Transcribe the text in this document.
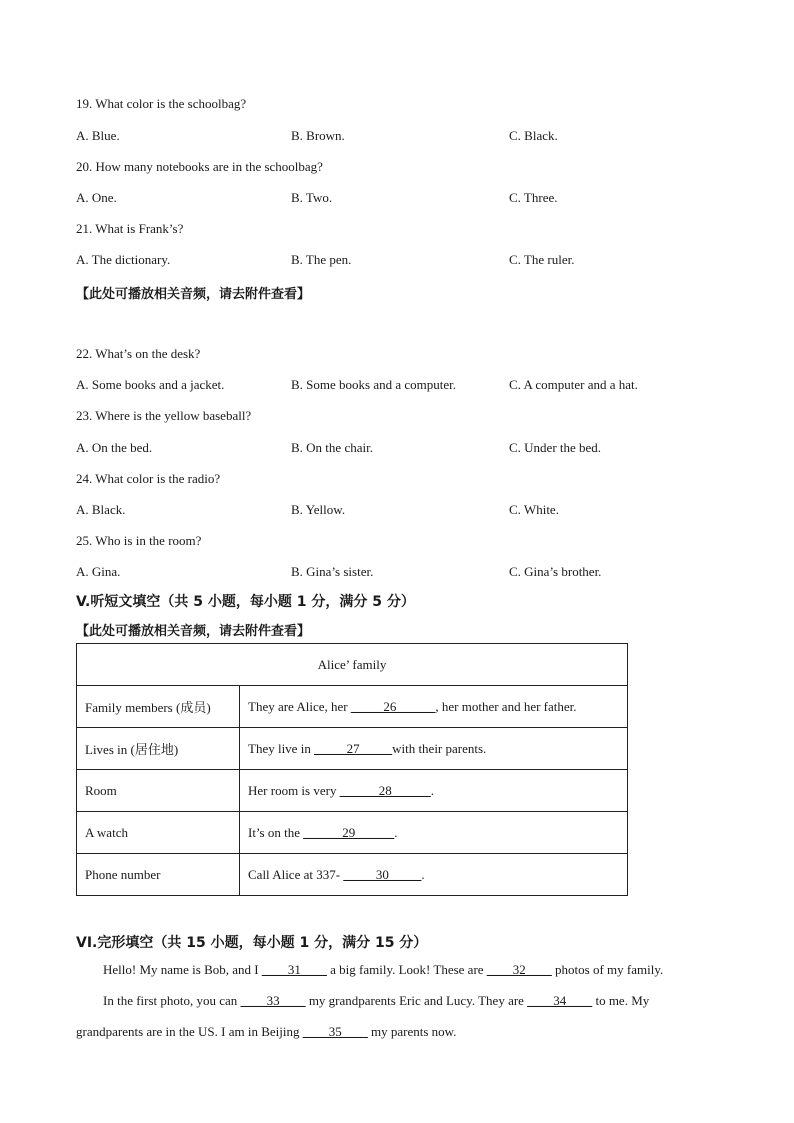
19. What color is the schoolbag?
A. Blue.	B. Brown.	C. Black.
20. How many notebooks are in the schoolbag?
A. One.	B. Two.	C. Three.
21. What is Frank’s?
A. The dictionary.	B. The pen.	C. The ruler.
【此处可播放相关音频，请去附件查看】
22. What’s on the desk?
A. Some books and a jacket.	B. Some books and a computer.	C. A computer and a hat.
23. Where is the yellow baseball?
A. On the bed.	B. On the chair.	C. Under the bed.
24. What color is the radio?
A. Black.	B. Yellow.	C. White.
25. Who is in the room?
A. Gina.	B. Gina’s sister.	C. Gina’s brother.
V.听短文填空（共 5 小题，每小题 1 分，满分 5 分）
【此处可播放相关音频，请去附件查看】
Alice’ family	
Family members (成员)	They are Alice, her _____26______, her mother and her father.
Lives in (居住地)	They live in _____27_____with their parents.
Room	Her room is very ______28______.
A watch	It’s on the ______29______.
Phone number	Call Alice at 337- _____30_____.
VI.完形填空（共 15 小题，每小题 1 分，满分 15 分）
Hello! My name is Bob, and I ____31____ a big family. Look! These are ____32____ photos of my family.
In the first photo, you can ____33____ my grandparents Eric and Lucy. They are ____34____ to me. My
grandparents are in the US. I am in Beijing ____35____ my parents now.
